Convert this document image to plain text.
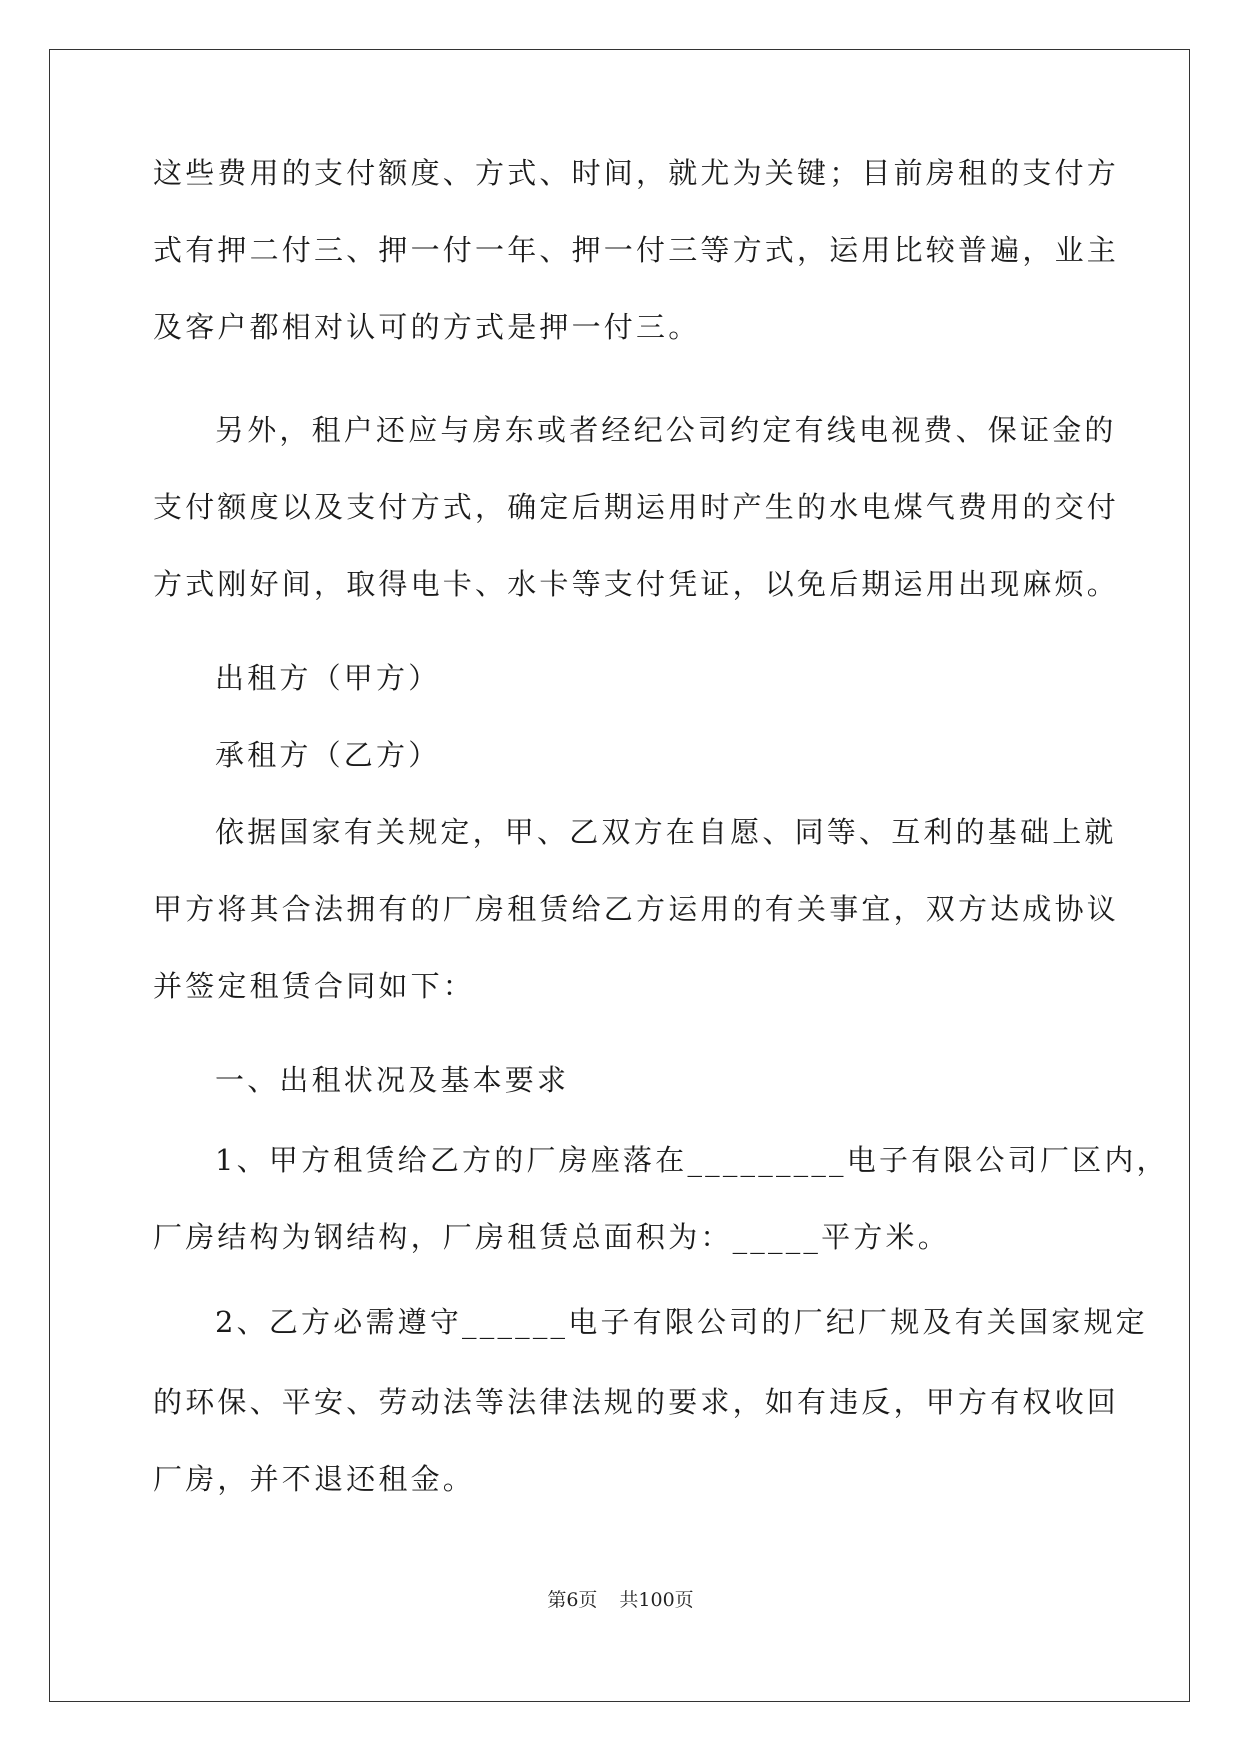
这些费用的支付额度、方式、时间，就尤为关键；目前房租的支付方
式有押二付三、押一付一年、押一付三等方式，运用比较普遍，业主
及客户都相对认可的方式是押一付三。
另外，租户还应与房东或者经纪公司约定有线电视费、保证金的
支付额度以及支付方式，确定后期运用时产生的水电煤气费用的交付
方式刚好间，取得电卡、水卡等支付凭证，以免后期运用出现麻烦。
出租方（甲方）
承租方（乙方）
依据国家有关规定，甲、乙双方在自愿、同等、互利的基础上就
甲方将其合法拥有的厂房租赁给乙方运用的有关事宜，双方达成协议
并签定租赁合同如下：
一、出租状况及基本要求
1、甲方租赁给乙方的厂房座落在_________电子有限公司厂区内，
厂房结构为钢结构，厂房租赁总面积为：_____平方米。
2、乙方必需遵守______电子有限公司的厂纪厂规及有关国家规定
的环保、平安、劳动法等法律法规的要求，如有违反，甲方有权收回
厂房，并不退还租金。
第6页 共100页
